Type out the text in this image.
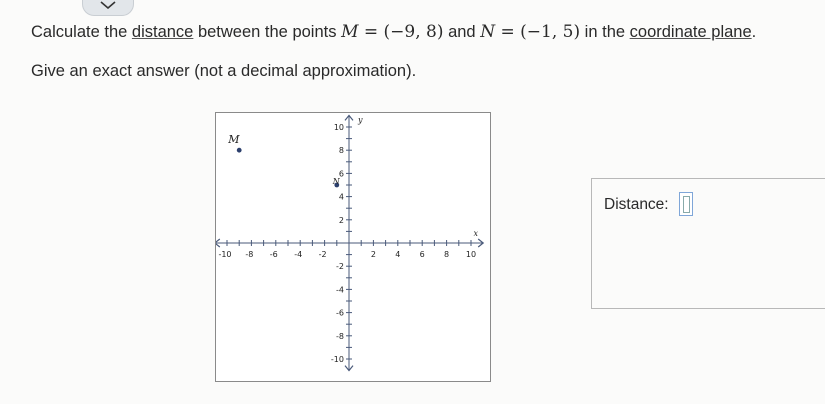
Calculate the distance between the points M = (−9, 8) and N = (−1, 5) in the coordinate plane.
Give an exact answer (not a decimal approximation).
-10 -8 -6 -4 -2	2 4 6 8 10
10
8
6
4
2
-2
-4
-6
-8
-10
y
x
M
N
Distance:
